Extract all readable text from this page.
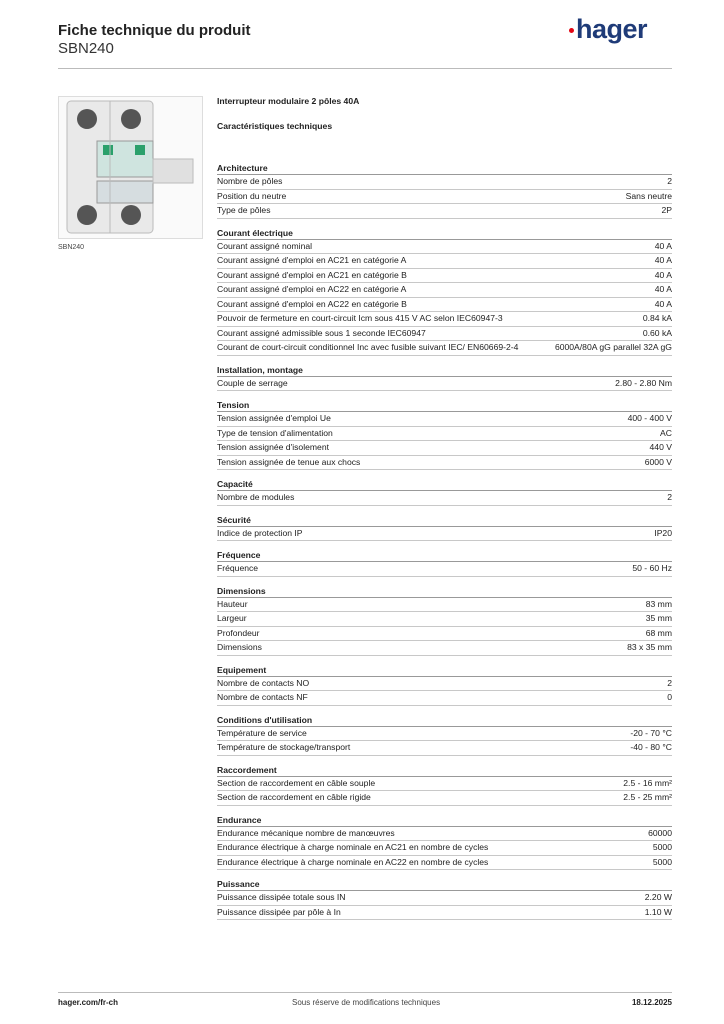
Fiche technique du produit
SBN240
hager
SBN240
Interrupteur modulaire 2 pôles 40A
Caractéristiques techniques
Architecture
Nombre de pôles	2
Position du neutre	Sans neutre
Type de pôles	2P
Courant électrique
Courant assigné nominal	40 A
Courant assigné d'emploi en AC21 en catégorie A	40 A
Courant assigné d'emploi en AC21 en catégorie B	40 A
Courant assigné d'emploi en AC22 en catégorie A	40 A
Courant assigné d'emploi en AC22 en catégorie B	40 A
Pouvoir de fermeture en court-circuit Icm sous 415 V AC selon IEC60947-3	0.84 kA
Courant assigné admissible sous 1 seconde IEC60947	0.60 kA
Courant de court-circuit conditionnel Inc avec fusible suivant IEC/ EN60669-2-4	6000A/80A gG parallel 32A gG
Installation, montage
Couple de serrage	2.80 - 2.80 Nm
Tension
Tension assignée d'emploi Ue	400 - 400 V
Type de tension d'alimentation	AC
Tension assignée d'isolement	440 V
Tension assignée de tenue aux chocs	6000 V
Capacité
Nombre de modules	2
Sécurité
Indice de protection IP	IP20
Fréquence
Fréquence	50 - 60 Hz
Dimensions
Hauteur	83 mm
Largeur	35 mm
Profondeur	68 mm
Dimensions	83 x 35 mm
Equipement
Nombre de contacts NO	2
Nombre de contacts NF	0
Conditions d'utilisation
Température de service	-20 - 70 °C
Température de stockage/transport	-40 - 80 °C
Raccordement
Section de raccordement en câble souple	2.5 - 16 mm²
Section de raccordement en câble rigide	2.5 - 25 mm²
Endurance
Endurance mécanique nombre de manœuvres	60000
Endurance électrique à charge nominale en AC21 en nombre de cycles	5000
Endurance électrique à charge nominale en AC22 en nombre de cycles	5000
Puissance
Puissance dissipée totale sous IN	2.20 W
Puissance dissipée par pôle à In	1.10 W
hager.com/fr-ch	Sous réserve de modifications techniques	18.12.2025
